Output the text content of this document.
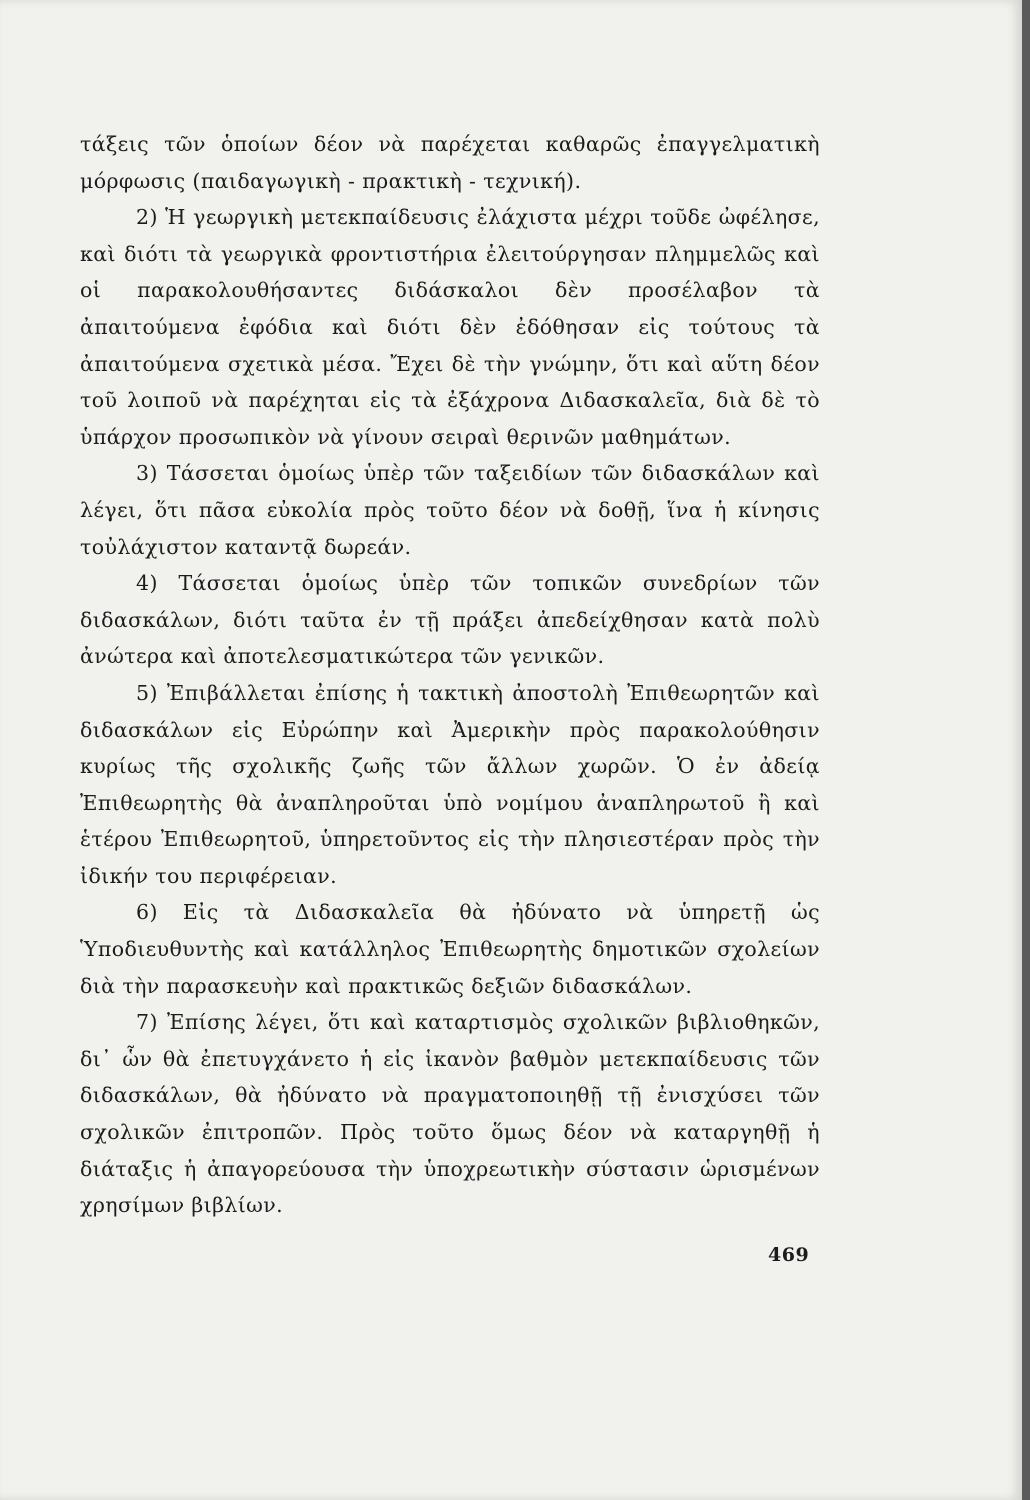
τάξεις τῶν ὁποίων δέον νὰ παρέχεται καθαρῶς ἐπαγγελματικὴ μόρφωσις (παιδαγωγικὴ - πρακτικὴ - τεχνική).

2) Ἡ γεωργικὴ μετεκπαίδευσις ἐλάχιστα μέχρι τοῦδε ὠφέλησε, καὶ διότι τὰ γεωργικὰ φροντιστήρια ἐλειτούργησαν πλημμελῶς καὶ οἱ παρακολουθήσαντες διδάσκαλοι δὲν προσέλαβον τὰ ἀπαιτούμενα ἐφόδια καὶ διότι δὲν ἐδόθησαν εἰς τούτους τὰ ἀπαιτούμενα σχετικὰ μέσα. Ἔχει δὲ τὴν γνώμην, ὅτι καὶ αὕτη δέον τοῦ λοιποῦ νὰ παρέχηται εἰς τὰ ἐξάχρονα Διδασκαλεῖα, διὰ δὲ τὸ ὑπάρχον προσωπικὸν νὰ γίνουν σειραὶ θερινῶν μαθημάτων.

3) Τάσσεται ὁμοίως ὑπὲρ τῶν ταξειδίων τῶν διδασκάλων καὶ λέγει, ὅτι πᾶσα εὐκολία πρὸς τοῦτο δέον νὰ δοθῇ, ἵνα ἡ κίνησις τοὐλάχιστον καταντᾷ δωρεάν.

4) Τάσσεται ὁμοίως ὑπὲρ τῶν τοπικῶν συνεδρίων τῶν διδασκάλων, διότι ταῦτα ἐν τῇ πράξει ἀπεδείχθησαν κατὰ πολὺ ἀνώτερα καὶ ἀποτελεσματικώτερα τῶν γενικῶν.

5) Ἐπιβάλλεται ἐπίσης ἡ τακτικὴ ἀποστολὴ Ἐπιθεωρητῶν καὶ διδασκάλων εἰς Εὐρώπην καὶ Ἀμερικὴν πρὸς παρακολούθησιν κυρίως τῆς σχολικῆς ζωῆς τῶν ἄλλων χωρῶν. Ὁ ἐν ἀδείᾳ Ἐπιθεωρητὴς θὰ ἀναπληροῦται ὑπὸ νομίμου ἀναπληρωτοῦ ἢ καὶ ἑτέρου Ἐπιθεωρητοῦ, ὑπηρετοῦντος εἰς τὴν πλησιεστέραν πρὸς τὴν ἰδικήν του περιφέρειαν.

6) Εἰς τὰ Διδασκαλεῖα θὰ ἠδύνατο νὰ ὑπηρετῇ ὡς Ὑποδιευθυντὴς καὶ κατάλληλος Ἐπιθεωρητὴς δημοτικῶν σχολείων διὰ τὴν παρασκευὴν καὶ πρακτικῶς δεξιῶν διδασκάλων.

7) Ἐπίσης λέγει, ὅτι καὶ καταρτισμὸς σχολικῶν βιβλιοθηκῶν, δι᾿ ὧν θὰ ἐπετυγχάνετο ἡ εἰς ἱκανὸν βαθμὸν μετεκπαίδευσις τῶν διδασκάλων, θὰ ἠδύνατο νὰ πραγματοποιηθῇ τῇ ἐνισχύσει τῶν σχολικῶν ἐπιτροπῶν. Πρὸς τοῦτο ὅμως δέον νὰ καταργηθῇ ἡ διάταξις ἡ ἀπαγορεύουσα τὴν ὑποχρεωτικὴν σύστασιν ὡρισμένων χρησίμων βιβλίων.

469
